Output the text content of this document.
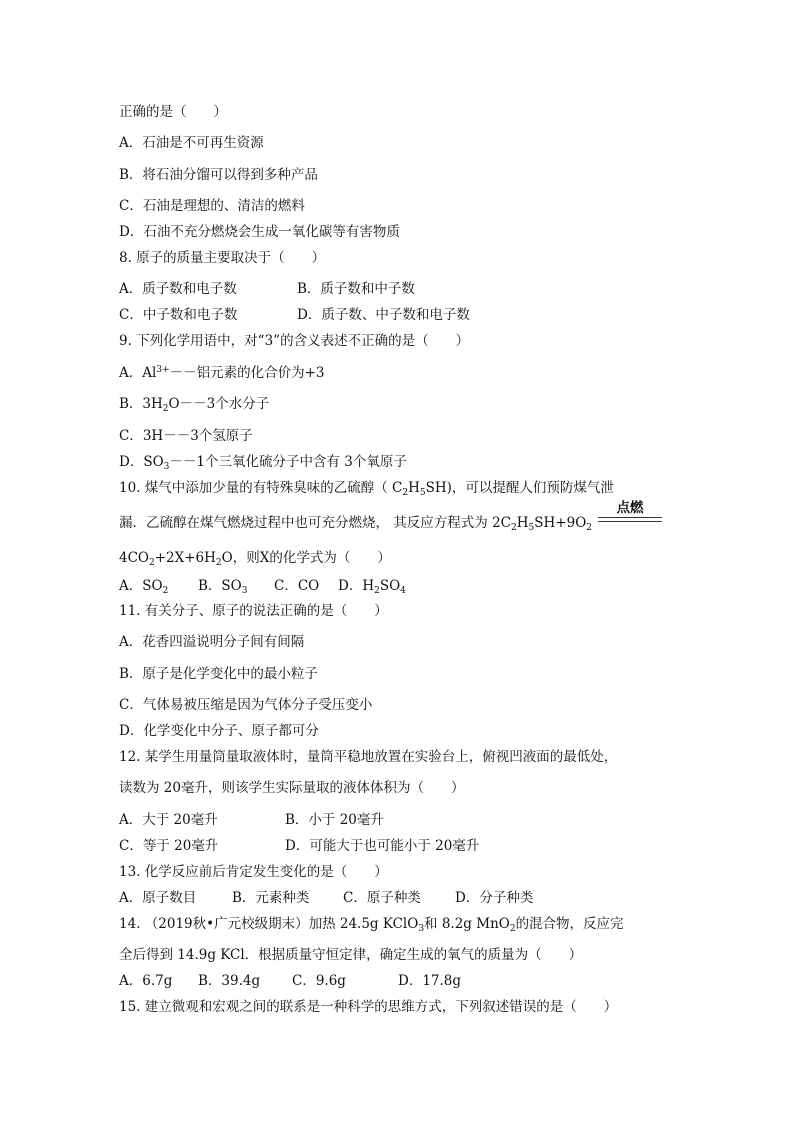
正确的是（　　）
A．石油是不可再生资源
B．将石油分馏可以得到多种产品
C．石油是理想的、清洁的燃料
D．石油不充分燃烧会生成一氧化碳等有害物质
8. 原子的质量主要取决于（　　）
A．质子数和电子数	B．质子数和中子数
C．中子数和电子数	D．质子数、中子数和电子数
9. 下列化学用语中，对“3”的含义表述不正确的是（　　）
A．$Al^{3+}--$铝元素的化合价为+3
B．$3H_2O--3$个水分子
C．3H－－3个氢原子
D．$SO_3--1$个三氧化硫分子中含有 3个氧原子
10. 煤气中添加少量的有特殊臭味的乙硫醇（ $C_2H_5SH$)，可以提醒人们预防煤气泄
漏．乙硫醇在煤气燃烧过程中也可充分燃烧， 其反应方程式为 $2C_2H_5SH+9O_2$
点燃
$4CO_2+2X+6H_2O$，则X的化学式为（　　）
A．$SO_2$ B．$SO_3$ C．CO D．$H_2SO_4$
11. 有关分子、原子的说法正确的是（　　）
A．花香四溢说明分子间有间隔
B．原子是化学变化中的最小粒子
C．气体易被压缩是因为气体分子受压变小
D．化学变化中分子、原子都可分
12. 某学生用量筒量取液体时，量筒平稳地放置在实验台上，俯视凹液面的最低处，
读数为 20毫升，则该学生实际量取的液体体积为（　　）
A．大于 20毫升	B．小于 20毫升
C．等于 20毫升	D．可能大于也可能小于 20毫升
13. 化学反应前后肯定发生变化的是（　　）
A．原子数目	B．元素种类 C．原子种类	D．分子种类
14. （2019秋•广元校级期末）加热 24.5g KClO$_3$和 8.2g MnO$_2$的混合物，反应完
全后得到 14.9g KCl．根据质量守恒定律，确定生成的氧气的质量为（　　）
A．6.7g B．39.4g C．9.6g	D．17.8g
15. 建立微观和宏观之间的联系是一种科学的思维方式，下列叙述错误的是（　　）
